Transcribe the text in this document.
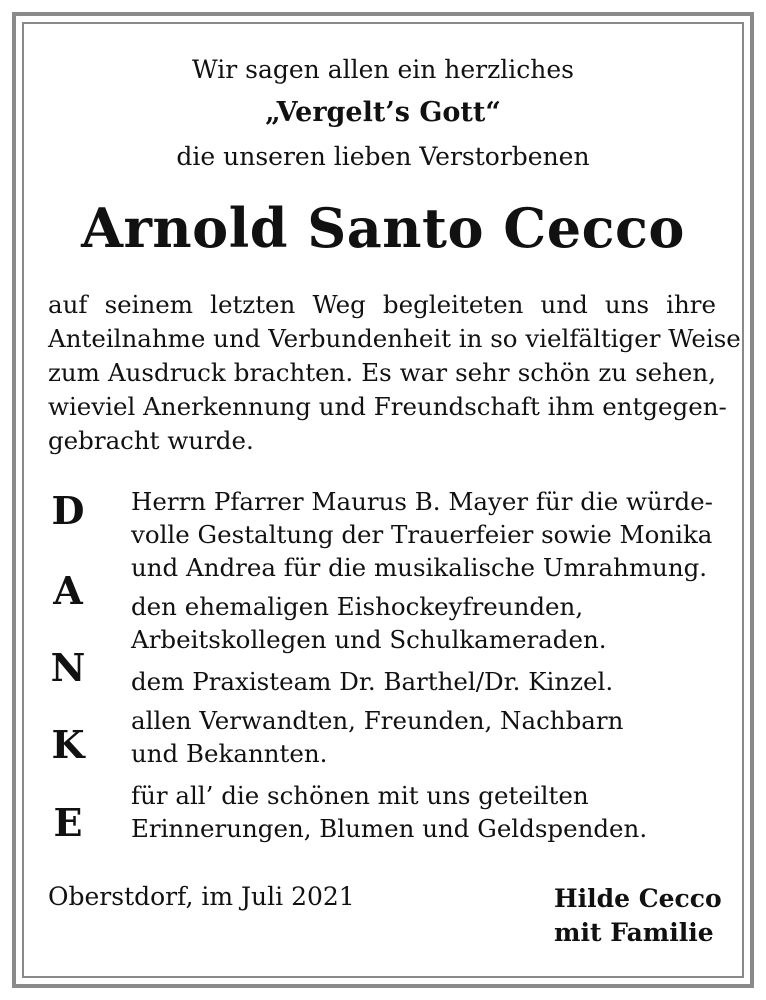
Wir sagen allen ein herzliches
„Vergelt’s Gott“
die unseren lieben Verstorbenen
Arnold Santo Cecco
auf seinem letzten Weg begleiteten und uns ihre
Anteilnahme und Verbundenheit in so vielfältiger Weise
zum Ausdruck brachten. Es war sehr schön zu sehen,
wieviel Anerkennung und Freundschaft ihm entgegen-
gebracht wurde.
D
A
N
K
E
Herrn Pfarrer Maurus B. Mayer für die würde-
volle Gestaltung der Trauerfeier sowie Monika
und Andrea für die musikalische Umrahmung.
den ehemaligen Eishockeyfreunden,
Arbeitskollegen und Schulkameraden.
dem Praxisteam Dr. Barthel/Dr. Kinzel.
allen Verwandten, Freunden, Nachbarn
und Bekannten.
für all’ die schönen mit uns geteilten
Erinnerungen, Blumen und Geldspenden.
Oberstdorf, im Juli 2021	Hilde Cecco
mit Familie
